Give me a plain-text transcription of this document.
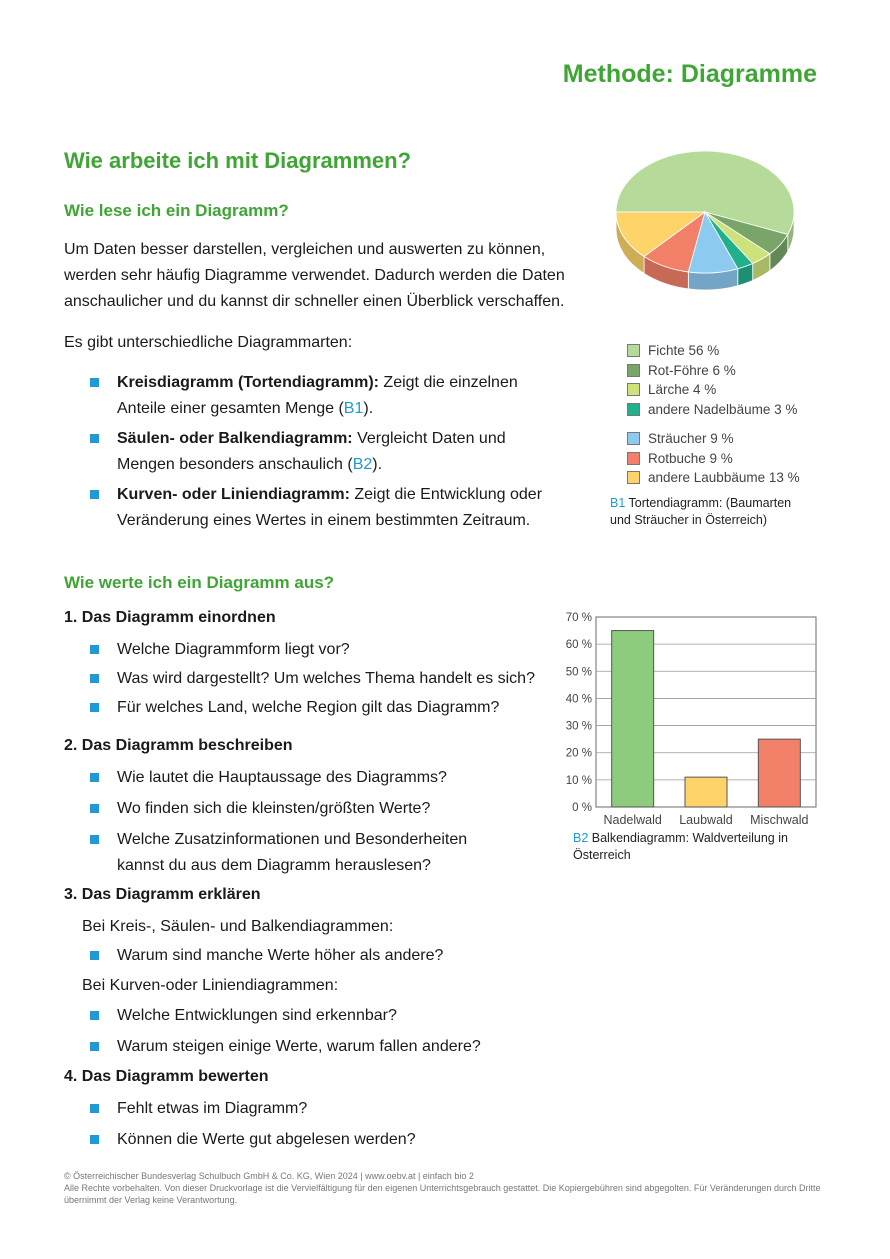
Methode: Diagramme
Wie arbeite ich mit Diagrammen?
Wie lese ich ein Diagramm?

Um Daten besser darstellen, vergleichen und auswerten zu können, werden sehr häufig Diagramme verwendet. Dadurch werden die Daten anschaulicher und du kannst dir schneller einen Überblick verschaffen.

Es gibt unterschiedliche Diagrammarten:

Kreisdiagramm (Tortendiagramm): Zeigt die einzelnen Anteile einer gesamten Menge (B1).
Säulen- oder Balkendiagramm: Vergleicht Daten und Mengen besonders anschaulich (B2).
Kurven- oder Liniendiagramm: Zeigt die Entwicklung oder Veränderung eines Wertes in einem bestimmten Zeitraum.
Fichte 56 %
Rot-Föhre 6 %
Lärche 4 %
andere Nadelbäume 3 %
Sträucher 9 %
Rotbuche 9 %
andere Laubbäume 13 %

B1 Tortendiagramm: (Baumarten und Sträucher in Österreich)

Wie werte ich ein Diagramm aus?

1. Das Diagramm einordnen

Welche Diagrammform liegt vor?
Was wird dargestellt? Um welches Thema handelt es sich?
Für welches Land, welche Region gilt das Diagramm?

2. Das Diagramm beschreiben

Wie lautet die Hauptaussage des Diagramms?
Wo finden sich die kleinsten/größten Werte?
Welche Zusatzinformationen und Besonderheiten kannst du aus dem Diagramm herauslesen?

3. Das Diagramm erklären

Bei Kreis-, Säulen- und Balkendiagrammen:

Warum sind manche Werte höher als andere?

Bei Kurven-oder Liniendiagrammen:

Welche Entwicklungen sind erkennbar?
Warum steigen einige Werte, warum fallen andere?

4. Das Diagramm bewerten

Fehlt etwas im Diagramm?
Können die Werte gut abgelesen werden?
0 %
10 %
20 %
30 %
40 %
50 %
60 %
70 %
Nadelwald Laubwald Mischwald

B2 Balkendiagramm: Waldverteilung in Österreich

© Österreichischer Bundesverlag Schulbuch GmbH & Co. KG, Wien 2024 | www.oebv.at | einfach bio 2
Alle Rechte vorbehalten. Von dieser Druckvorlage ist die Vervielfältigung für den eigenen Unterrichtsgebrauch gestattet. Die Kopiergebühren sind abgegolten. Für Veränderungen durch Dritte übernimmt der Verlag keine Verantwortung.
